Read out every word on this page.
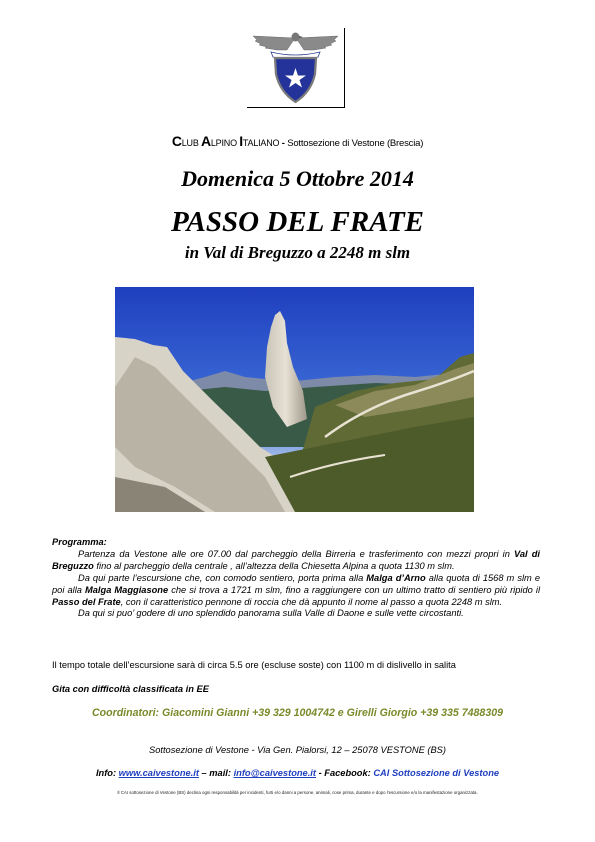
CLUB ALPINO ITALIANO - Sottosezione di Vestone (Brescia)
Domenica 5 Ottobre 2014
PASSO DEL FRATE
in Val di Breguzzo a 2248 m slm

Programma:

Partenza da Vestone alle ore 07.00 dal parcheggio della Birreria e trasferimento con mezzi propri in Val di Breguzzo fino al parcheggio della centrale , all’altezza della Chiesetta Alpina a quota 1130 m slm.

Da qui parte l’escursione che, con comodo sentiero, porta prima alla Malga d’Arno alla quota di 1568 m slm e poi alla Malga Maggiasone che si trova a 1721 m slm, fino a raggiungere con un ultimo tratto di sentiero più ripido il Passo del Frate, con il caratteristico pennone di roccia che dà appunto il nome al passo a quota 2248 m slm.

Da qui si puo’ godere di uno splendido panorama sulla Valle di Daone e sulle vette circostanti.

Il tempo totale dell’escursione sarà di circa 5.5 ore (escluse soste) con 1100 m di dislivello in salita
Gita con difficoltà classificata in EE
Coordinatori: Giacomini Gianni +39 329 1004742 e Girelli Giorgio +39 335 7488309
Sottosezione di Vestone - Via Gen. Pialorsi, 12 – 25078 VESTONE (BS)
Info: www.caivestone.it – mail: info@caivestone.it - Facebook: CAI Sottosezione di Vestone
Il CAI sottosezione di Vestone (BS) declina ogni responsabilità per incidenti, furti e/o danni a persone, animali, cose prima, durante e dopo l'escursione e/o la manifestazione organizzata.
